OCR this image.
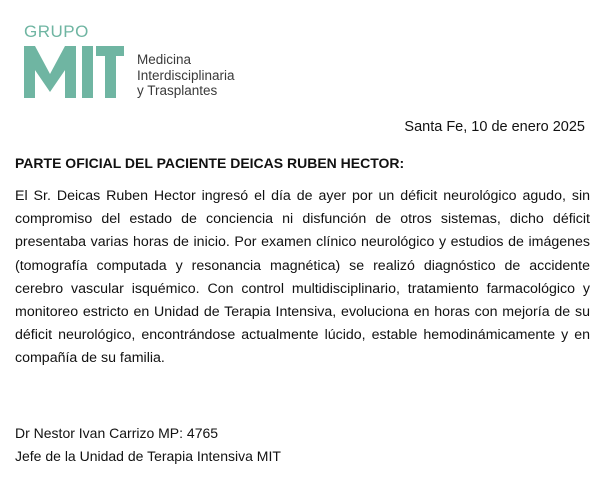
GRUPO
Medicina
Interdisciplinaria
y Trasplantes
Santa Fe, 10 de enero 2025
PARTE OFICIAL DEL PACIENTE DEICAS RUBEN HECTOR:
El Sr. Deicas Ruben Hector ingresó el día de ayer por un déficit neurológico agudo, sin compromiso del estado de conciencia ni disfunción de otros sistemas, dicho déficit presentaba varias horas de inicio. Por examen clínico neurológico y estudios de imágenes (tomografía computada y resonancia magnética) se realizó diagnóstico de accidente cerebro vascular isquémico. Con control multidisciplinario, tratamiento farmacológico y monitoreo estricto en Unidad de Terapia Intensiva, evoluciona en horas con mejoría de su déficit neurológico, encontrándose actualmente lúcido, estable hemodinámicamente y en compañía de su familia.
Dr Nestor Ivan Carrizo MP: 4765
Jefe de la Unidad de Terapia Intensiva MIT
